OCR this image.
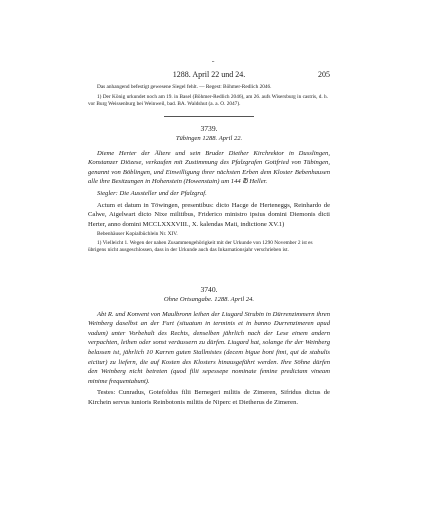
˝
1288. April 22 und 24.	205
Das anhangend befestigt gewesene Siegel fehlt. — Regest: Böhmer-Redlich 2046.
1) Der König urkundet noch am 19. in Basel (Böhmer-Redlich 2046), am 26. aufs Wisersburg in castris, d. h. vor Burg Weissenburg bei Weinweil, bad. BA. Waldshut (a. a. O. 2047).
3739.
Tübingen 1288. April 22.

Dieme Herter der Ältere und sein Bruder Diether Kirchrektor in Dusslingen, Konstanzer Diözese, verkaufen mit Zustimmung des Pfalzgrafen Gottfried von Tübingen, genannt von Böblingen, und Einwilligung ihrer nächsten Erben dem Kloster Bebenhausen alle ihre Besitzungen in Hohenstein (Howenstain) um 144 ℔ Heller.

Siegler: Die Aussteller und der Pfalzgraf.

Actum et datum in Töwingen, presentibus: dicto Hacge de Herteneggs, Reinhardo de Calwe, Aigelwart dicto Nixe militibus, Friderico ministro ipsius domini Diemonis dicti Herter, anno domini MCCLXXXVIII., X. kalendas Maii, indictione XV.1)

Bebenhäuser Kopialbüchlein Nr. XIV.
1) Vielleicht 1. Wegen der nahen Zusammengehörigkeit mit der Urkunde von 1290 November 2 ist es übrigens nicht ausgeschlossen, dass in der Urkunde auch das Inkarnationsjahr verschrieben ist.
3740.
Ohne Ortsangabe. 1288. April 24.

Abt R. und Konvent von Maulbronn leihen der Liugard Strubin in Dürrenzimmern ihren Weinberg daselbst an der Furt (situatum in terminis et in banno Durrenzimeren apud vadum) unter Vorbehalt des Rechts, denselben jährlich nach der Lese einem andern verpachten, leihen oder sonst veräussern zu dürfen. Liugard hat, solange ihr der Weinberg belassen ist, jährlich 10 Karren guten Stallmistes (decem bigue boni fimi, qui de stabulis eicitur) zu liefern, die auf Kosten des Klosters hinausgeführt werden. Ihre Söhne dürfen den Weinberg nicht betreten (quod filii sepessepe nominate femine predictam vineam minime frequentabunt).

Testes: Cunradus, Gotefoldus filii Bernegeri militis de Zimeren, Sifridus dictus de Kirchein servus iunioris Reinbotonis militis de Niperc et Dietherus de Zimeren.
